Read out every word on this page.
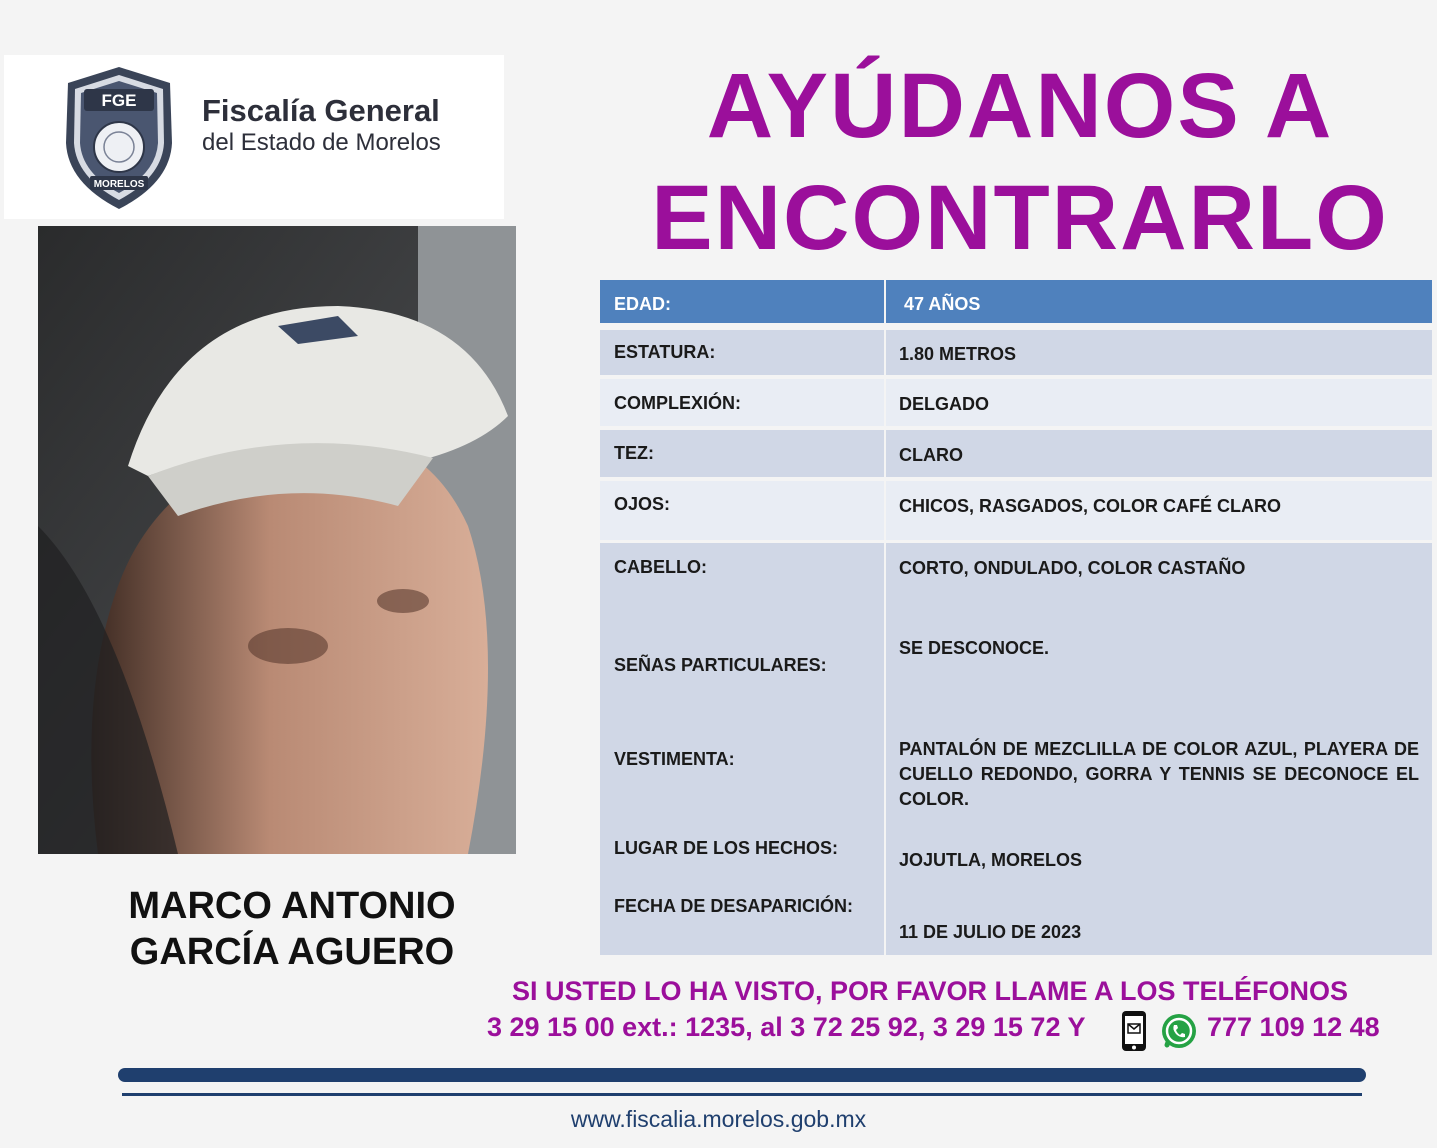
FGE
MORELOS
Fiscalía General
del Estado de Morelos
MARCO ANTONIO
GARCÍA AGUERO
AYÚDANOS A
ENCONTRARLO
EDAD:	47 AÑOS
ESTATURA:	1.80 METROS
COMPLEXIÓN:	DELGADO
TEZ:	CLARO
OJOS:	CHICOS, RASGADOS, COLOR CAFÉ CLARO
CABELLO:	CORTO, ONDULADO, COLOR CASTAÑO
SEÑAS PARTICULARES:
SE DESCONOCE.
VESTIMENTA:	PANTALÓN DE MEZCLILLA DE COLOR AZUL, PLAYERA DE CUELLO REDONDO, GORRA Y TENNIS SE DECONOCE EL COLOR.
LUGAR DE LOS HECHOS:
JOJUTLA, MORELOS
FECHA DE DESAPARICIÓN:
11 DE JULIO DE 2023
SI USTED LO HA VISTO, POR FAVOR LLAME A LOS TELÉFONOS
3 29 15 00 ext.: 1235, al 3 72 25 92, 3 29 15 72 Y	777 109 12 48
www.fiscalia.morelos.gob.mx
